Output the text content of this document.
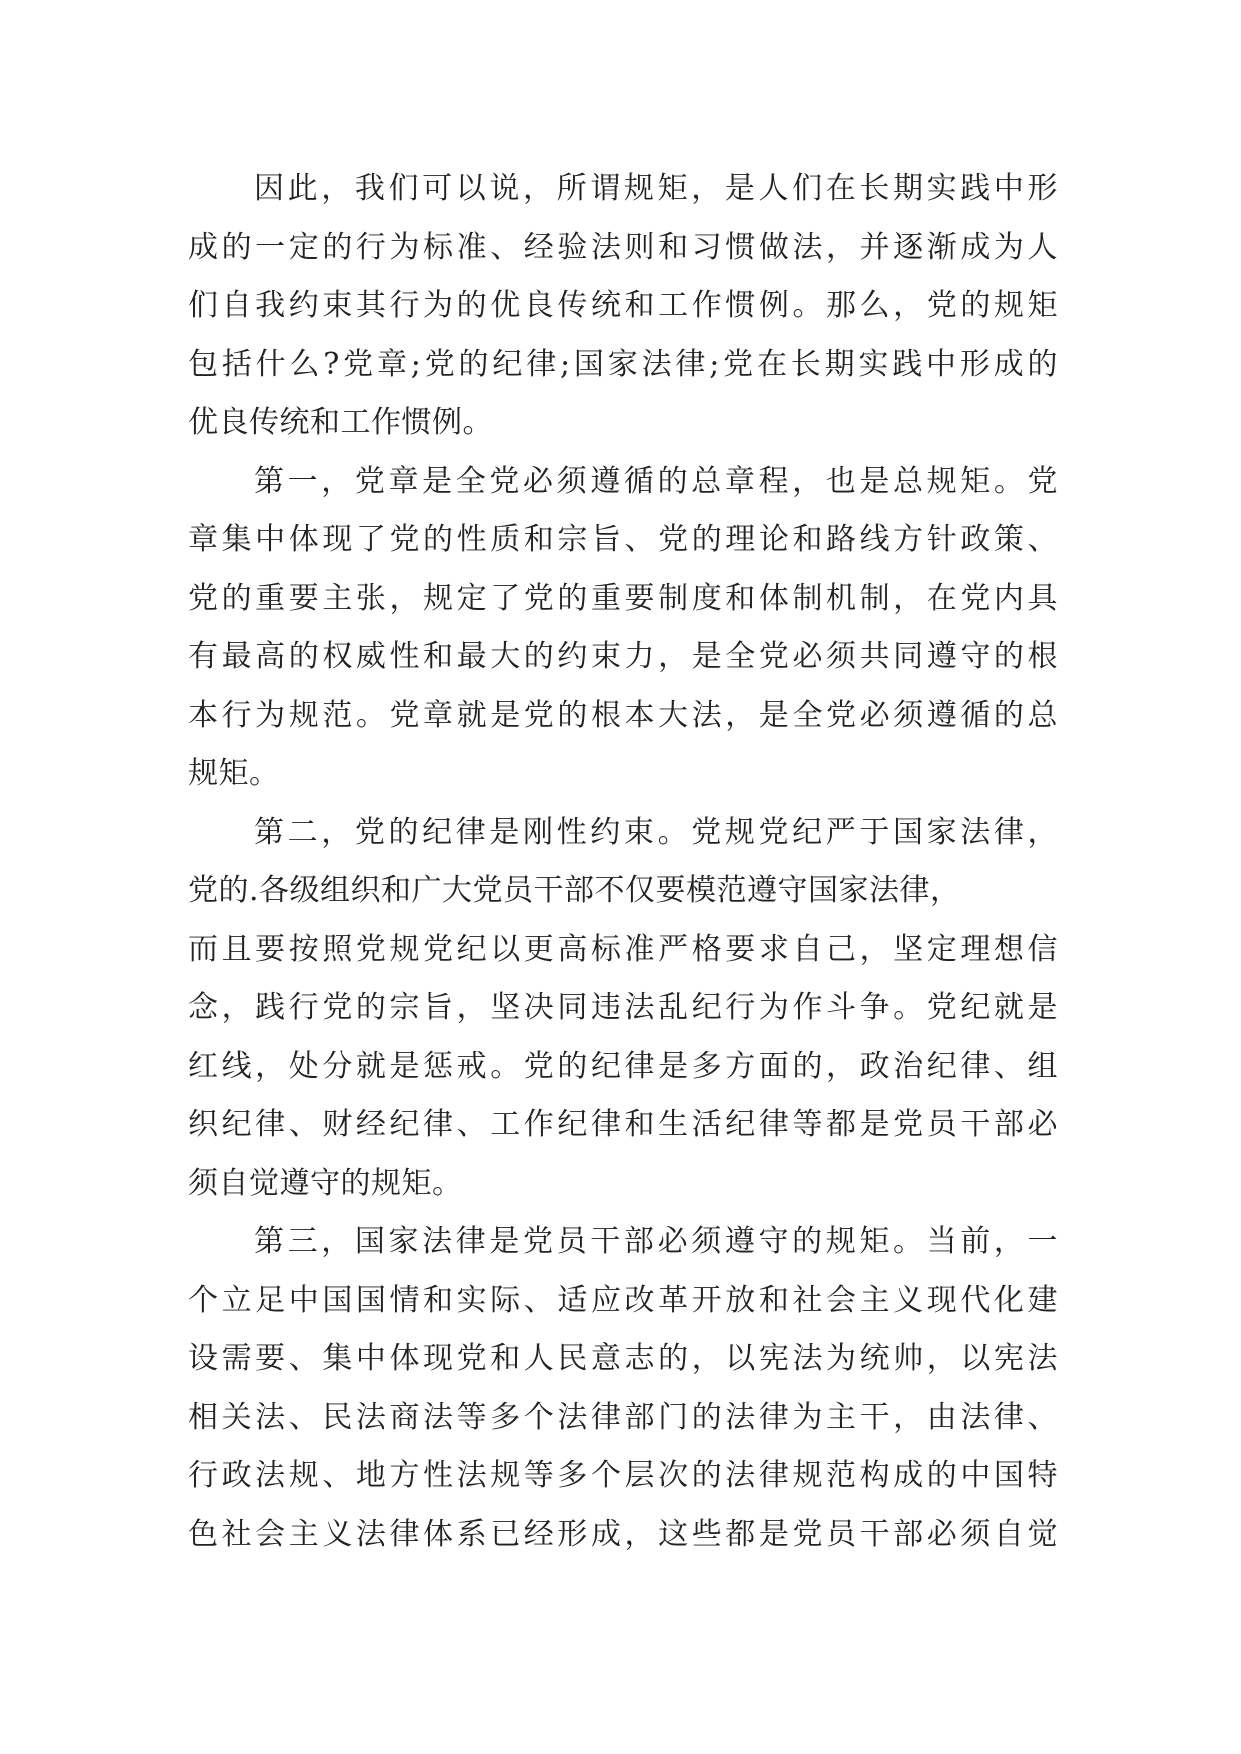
因此，我们可以说，所谓规矩，是人们在长期实践中形
成的一定的行为标准、经验法则和习惯做法，并逐渐成为人
们自我约束其行为的优良传统和工作惯例。那么，党的规矩
包括什么?党章;党的纪律;国家法律;党在长期实践中形成的
优良传统和工作惯例。
第一，党章是全党必须遵循的总章程，也是总规矩。党
章集中体现了党的性质和宗旨、党的理论和路线方针政策、
党的重要主张，规定了党的重要制度和体制机制，在党内具
有最高的权威性和最大的约束力，是全党必须共同遵守的根
本行为规范。党章就是党的根本大法，是全党必须遵循的总
规矩。
第二，党的纪律是刚性约束。党规党纪严于国家法律，
党的.各级组织和广大党员干部不仅要模范遵守国家法律，
而且要按照党规党纪以更高标准严格要求自己，坚定理想信
念，践行党的宗旨，坚决同违法乱纪行为作斗争。党纪就是
红线，处分就是惩戒。党的纪律是多方面的，政治纪律、组
织纪律、财经纪律、工作纪律和生活纪律等都是党员干部必
须自觉遵守的规矩。
第三，国家法律是党员干部必须遵守的规矩。当前，一
个立足中国国情和实际、适应改革开放和社会主义现代化建
设需要、集中体现党和人民意志的，以宪法为统帅，以宪法
相关法、民法商法等多个法律部门的法律为主干，由法律、
行政法规、地方性法规等多个层次的法律规范构成的中国特
色社会主义法律体系已经形成，这些都是党员干部必须自觉
